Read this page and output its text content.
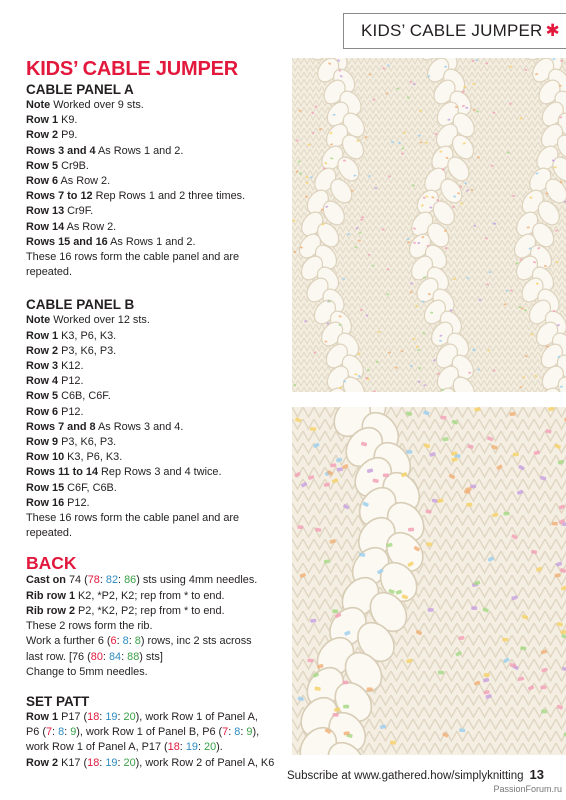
KIDS’ CABLE JUMPER ✱
KIDS’ CABLE JUMPER
CABLE PANEL A

Note Worked over 9 sts.

Row 1 K9.

Row 2 P9.

Rows 3 and 4 As Rows 1 and 2.

Row 5 Cr9B.

Row 6 As Row 2.

Rows 7 to 12 Rep Rows 1 and 2 three times.

Row 13 Cr9F.

Row 14 As Row 2.

Rows 15 and 16 As Rows 1 and 2.

These 16 rows form the cable panel and are repeated.

CABLE PANEL B

Note Worked over 12 sts.

Row 1 K3, P6, K3.

Row 2 P3, K6, P3.

Row 3 K12.

Row 4 P12.

Row 5 C6B, C6F.

Row 6 P12.

Rows 7 and 8 As Rows 3 and 4.

Row 9 P3, K6, P3.

Row 10 K3, P6, K3.

Rows 11 to 14 Rep Rows 3 and 4 twice.

Row 15 C6F, C6B.

Row 16 P12.

These 16 rows form the cable panel and are repeated.

BACK

Cast on 74 (78: 82: 86) sts using 4mm needles.

Rib row 1 K2, *P2, K2; rep from * to end.

Rib row 2 P2, *K2, P2; rep from * to end.

These 2 rows form the rib.

Work a further 6 (6: 8: 8) rows, inc 2 sts across

last row. [76 (80: 84: 88) sts]

Change to 5mm needles.

SET PATT

Row 1 P17 (18: 19: 20), work Row 1 of Panel A,

P6 (7: 8: 9), work Row 1 of Panel B, P6 (7: 8: 9),

work Row 1 of Panel A, P17 (18: 19: 20).

Row 2 K17 (18: 19: 20), work Row 2 of Panel A, K6

Subscribe at www.gathered.how/simplyknitting 13
PassionForum.ru
